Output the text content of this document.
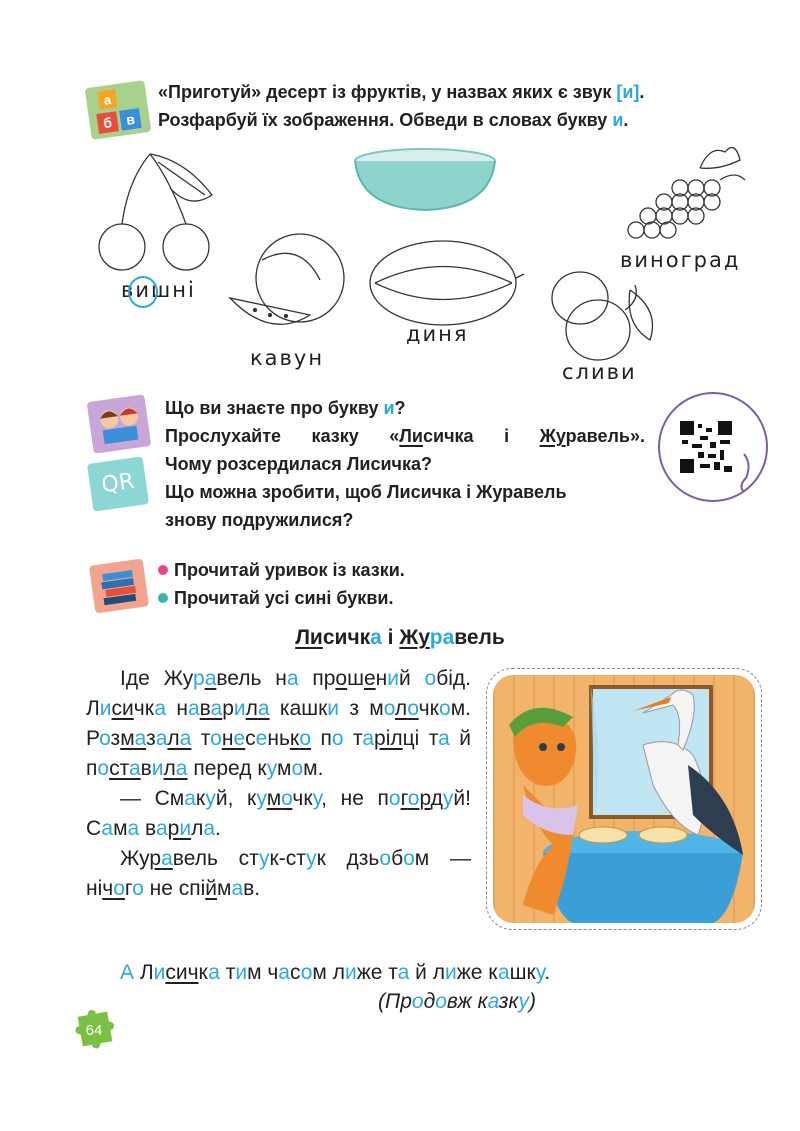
а
б в
«Приготуй» десерт із фруктів, у назвах яких є звук [и].
Розфарбуй їх зображення. Обведи в словах букву и.
вишні
кавун
диня
сливи
виноград
QR
Що ви знаєте про букву и?
Прослухайте казку «Лисичка і Журавель».
Чому розсердилася Лисичка?
Що можна зробити, щоб Лисичка і Журавель
знову подружилися?
Прочитай уривок із казки.
Прочитай усі сині букви.
Лисичка і Журавель

Іде Журавель на прошений обід. Лисичка наварила кашки з молочком. Розмазала тонесенько по тарілці та й поставила перед кумом.

— Смакуй, кумочку, не погордуй! Сама варила.

Журавель стук-стук дзьобом — нічого не спіймав.

А Лисичка тим часом лиже та й лиже кашку.
(Продовж казку)
64
